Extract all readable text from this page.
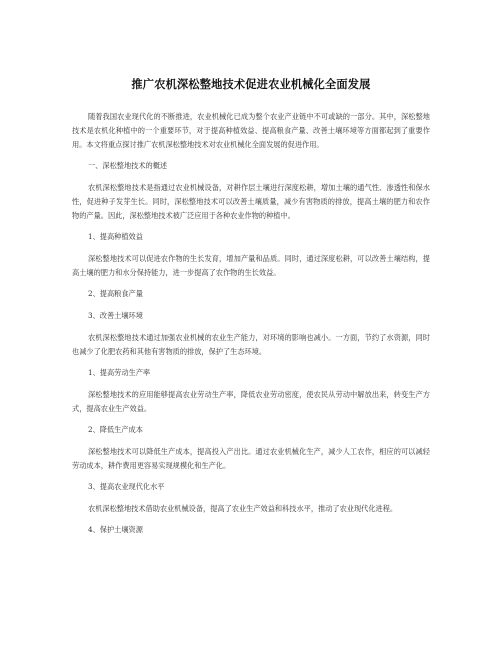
推广农机深松整地技术促进农业机械化全面发展

随着我国农业现代化的不断推进，农业机械化已成为整个农业产业链中不可或缺的一部分。其中，深松整地技术是农机化种植中的一个重要环节，对于提高种植效益、提高粮食产量、改善土壤环境等方面都起到了重要作用。本文将重点探讨推广农机深松整地技术对农业机械化全面发展的促进作用。

一、深松整地技术的概述

农机深松整地技术是指通过农业机械设备，对耕作层土壤进行深度松耕，增加土壤的通气性、渗透性和保水性，促进种子发芽生长。同时，深松整地技术可以改善土壤质量，减少有害物质的排放，提高土壤的肥力和农作物的产量。因此，深松整地技术被广泛应用于各种农业作物的种植中。

1、提高种植效益

深松整地技术可以促进农作物的生长发育，增加产量和品质。同时，通过深度松耕，可以改善土壤结构，提高土壤的肥力和水分保持能力，进一步提高了农作物的生长效益。

2、提高粮食产量
3、改善土壤环境

农机深松整地技术通过加强农业机械的农业生产能力，对环境的影响也减小。一方面，节约了水资源，同时也减少了化肥农药和其他有害物质的排放，保护了生态环境。

1、提高劳动生产率

深松整地技术的应用能够提高农业劳动生产率，降低农业劳动密度，使农民从劳动中解放出来，转变生产方式，提高农业生产效益。

2、降低生产成本

深松整地技术可以降低生产成本，提高投入产出比。通过农业机械化生产，减少人工农作，相应的可以减轻劳动成本，耕作费用更容易实现规模化和生产化。

3、提高农业现代化水平

农机深松整地技术借助农业机械设备，提高了农业生产效益和科技水平，推动了农业现代化进程。

4、保护土壤资源
